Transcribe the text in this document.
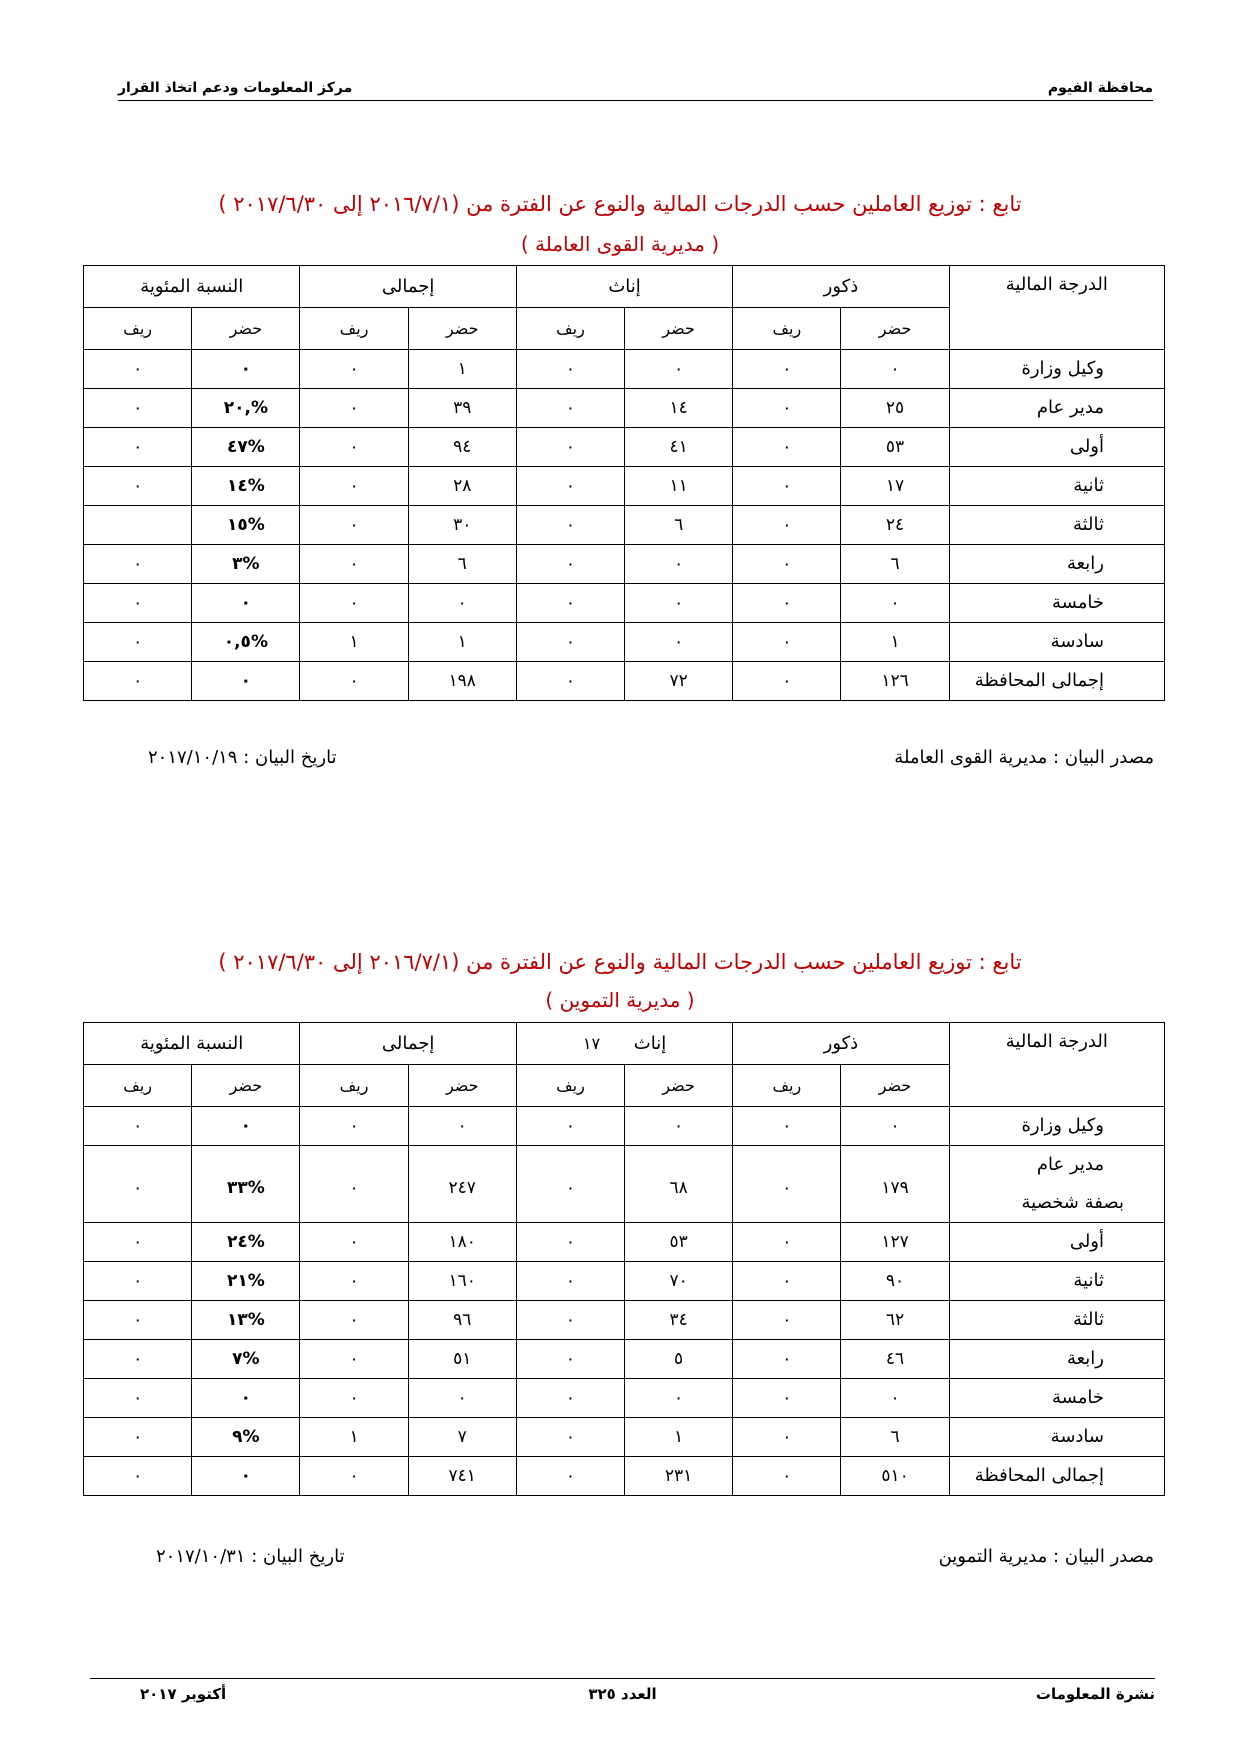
محافظة الفيوم
مركز المعلومات ودعم اتخاذ القرار
تابع : توزيع العاملين حسب الدرجات المالية والنوع عن الفترة من (٢٠١٦/٧/١ إلى ٢٠١٧/٦/٣٠ )
( مديرية القوى العاملة )
الدرجة المالية	ذكور		إناث		إجمالى		النسبة المئوية	
	حضر	ريف	حضر	ريف	حضر	ريف	حضر	ريف

وكيل وزارة	٠	٠	٠	٠	١	٠	٠	٠

مدير عام	٢٥	٠	١٤	٠	٣٩	٠	%,٢٠	٠

أولى	٥٣	٠	٤١	٠	٩٤	٠	%٤٧	٠

ثانية	١٧	٠	١١	٠	٢٨	٠	%١٤	٠

ثالثة	٢٤	٠	٦	٠	٣٠	٠	%١٥	

رابعة	٦	٠	٠	٠	٦	٠	%٣	٠

خامسة	٠	٠	٠	٠	٠	٠	٠	٠

سادسة	١	٠	٠	٠	١	١	%٠,٥	٠

إجمالى المحافظة	١٢٦	٠	٧٢	٠	١٩٨	٠	٠	٠
مصدر البيان : مديرية القوى العاملة
تاريخ البيان : ٢٠١٧/١٠/١٩
تابع : توزيع العاملين حسب الدرجات المالية والنوع عن الفترة من (٢٠١٦/٧/١ إلى ٢٠١٧/٦/٣٠ )
( مديرية التموين )
الدرجة المالية	ذكور		إناث ١٧		إجمالى		النسبة المئوية	
	حضر	ريف	حضر	ريف	حضر	ريف	حضر	ريف

وكيل وزارة	٠	٠	٠	٠	٠	٠	٠	٠

مدير عام
بصفة شخصية	١٧٩	٠	٦٨	٠	٢٤٧	٠	%٣٣	٠

أولى	١٢٧	٠	٥٣	٠	١٨٠	٠	%٢٤	٠

ثانية	٩٠	٠	٧٠	٠	١٦٠	٠	%٢١	٠

ثالثة	٦٢	٠	٣٤	٠	٩٦	٠	%١٣	٠

رابعة	٤٦	٠	٥	٠	٥١	٠	%٧	٠

خامسة	٠	٠	٠	٠	٠	٠	٠	٠

سادسة	٦	٠	١	٠	٧	١	%٩	٠

إجمالى المحافظة	٥١٠	٠	٢٣١	٠	٧٤١	٠	٠	٠
مصدر البيان : مديرية التموين
تاريخ البيان : ٢٠١٧/١٠/٣١
نشرة المعلومات
العدد ٣٢٥
أكتوبر ٢٠١٧
